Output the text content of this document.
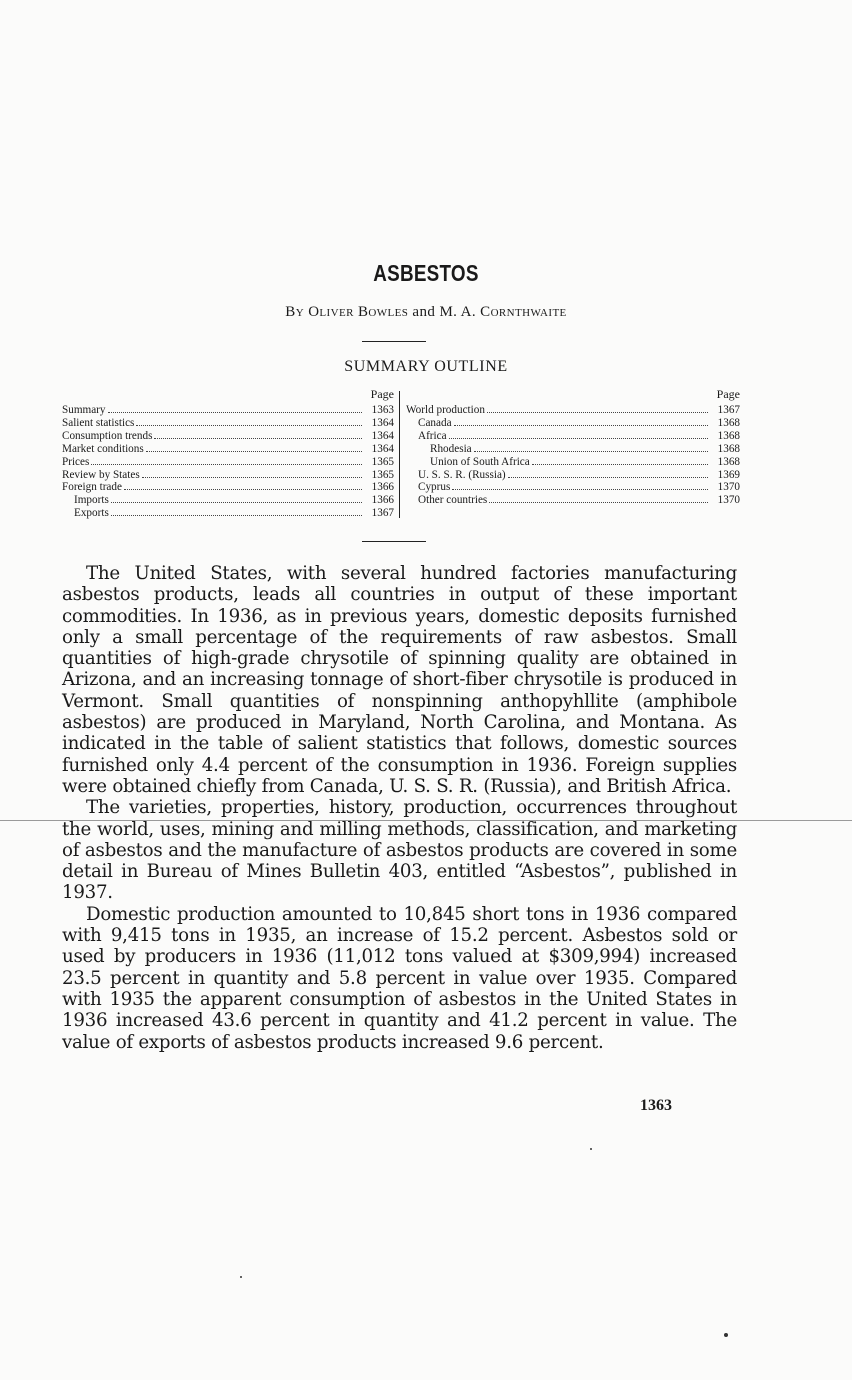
ASBESTOS
By Oliver Bowles and M. A. Cornthwaite
SUMMARY OUTLINE
Page
Summary	1363
Salient statistics	1364
Consumption trends	1364
Market conditions	1364
Prices	1365
Review by States	1365
Foreign trade	1366
Imports	1366
Exports	1367
Page
World production	1367
Canada	1368
Africa	1368
Rhodesia	1368
Union of South Africa	1368
U. S. S. R. (Russia)	1369
Cyprus	1370
Other countries	1370

The United States, with several hundred factories manufacturing asbestos products, leads all countries in output of these important commodities. In 1936, as in previous years, domestic deposits furnished only a small percentage of the requirements of raw asbestos. Small quantities of high-grade chrysotile of spinning quality are obtained in Arizona, and an increasing tonnage of short-fiber chrysotile is produced in Vermont. Small quantities of nonspinning anthopyhllite (amphibole asbestos) are produced in Maryland, North Carolina, and Montana. As indicated in the table of salient statistics that follows, domestic sources furnished only 4.4 percent of the consumption in 1936. Foreign supplies were obtained chiefly from Canada, U. S. S. R. (Russia), and British Africa.

The varieties, properties, history, production, occurrences throughout the world, uses, mining and milling methods, classification, and marketing of asbestos and the manufacture of asbestos products are covered in some detail in Bureau of Mines Bulletin 403, entitled “Asbestos”, published in 1937.

Domestic production amounted to 10,845 short tons in 1936 compared with 9,415 tons in 1935, an increase of 15.2 percent. Asbestos sold or used by producers in 1936 (11,012 tons valued at $309,994) increased 23.5 percent in quantity and 5.8 percent in value over 1935. Compared with 1935 the apparent consumption of asbestos in the United States in 1936 increased 43.6 percent in quantity and 41.2 percent in value. The value of exports of asbestos products increased 9.6 percent.

1363
